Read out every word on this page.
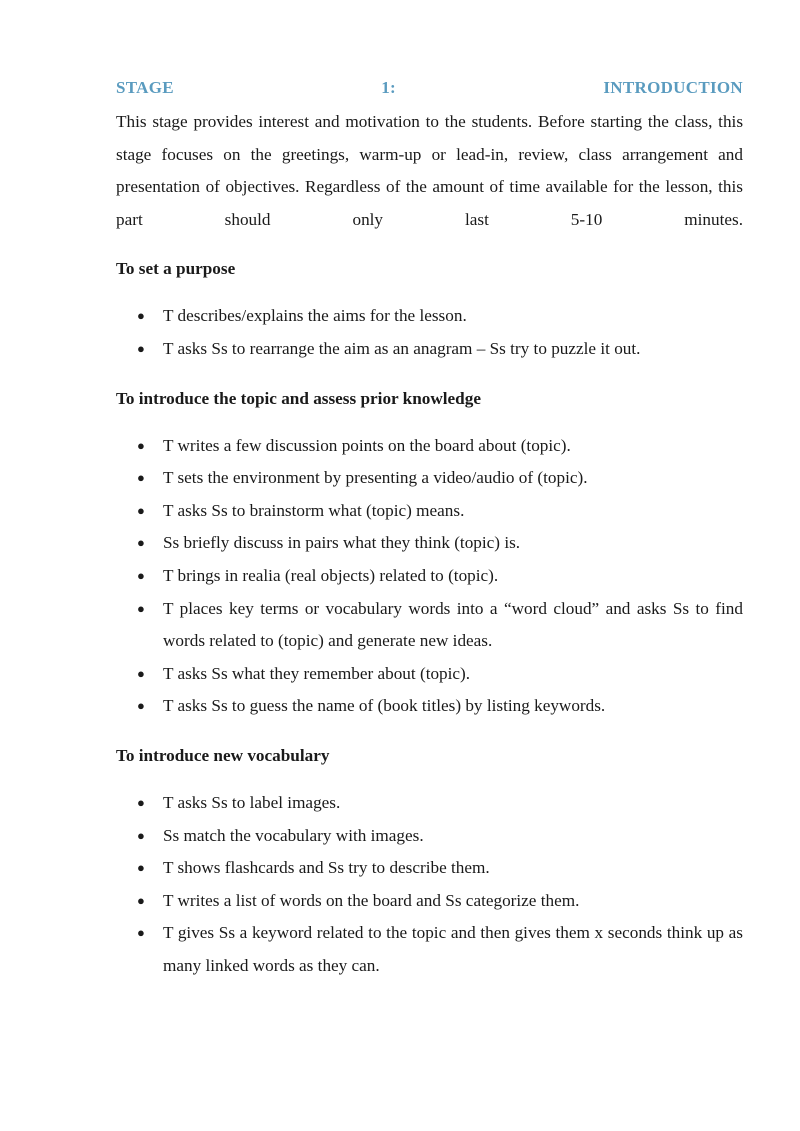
STAGE	1:	INTRODUCTION

This stage provides interest and motivation to the students. Before starting the class, this stage focuses on the greetings, warm-up or lead-in, review, class arrangement and presentation of objectives. Regardless of the amount of time available for the lesson, this part should only last 5-10 minutes.

To set a purpose
● T describes/explains the aims for the lesson.
● T asks Ss to rearrange the aim as an anagram – Ss try to puzzle it out.
To introduce the topic and assess prior knowledge
● T writes a few discussion points on the board about (topic).
● T sets the environment by presenting a video/audio of (topic).
● T asks Ss to brainstorm what (topic) means.
● Ss briefly discuss in pairs what they think (topic) is.
● T brings in realia (real objects) related to (topic).
● T places key terms or vocabulary words into a “word cloud” and asks Ss to find words related to (topic) and generate new ideas.
● T asks Ss what they remember about (topic).
● T asks Ss to guess the name of (book titles) by listing keywords.
To introduce new vocabulary
● T asks Ss to label images.
● Ss match the vocabulary with images.
● T shows flashcards and Ss try to describe them.
● T writes a list of words on the board and Ss categorize them.
● T gives Ss a keyword related to the topic and then gives them x seconds think up as many linked words as they can.
